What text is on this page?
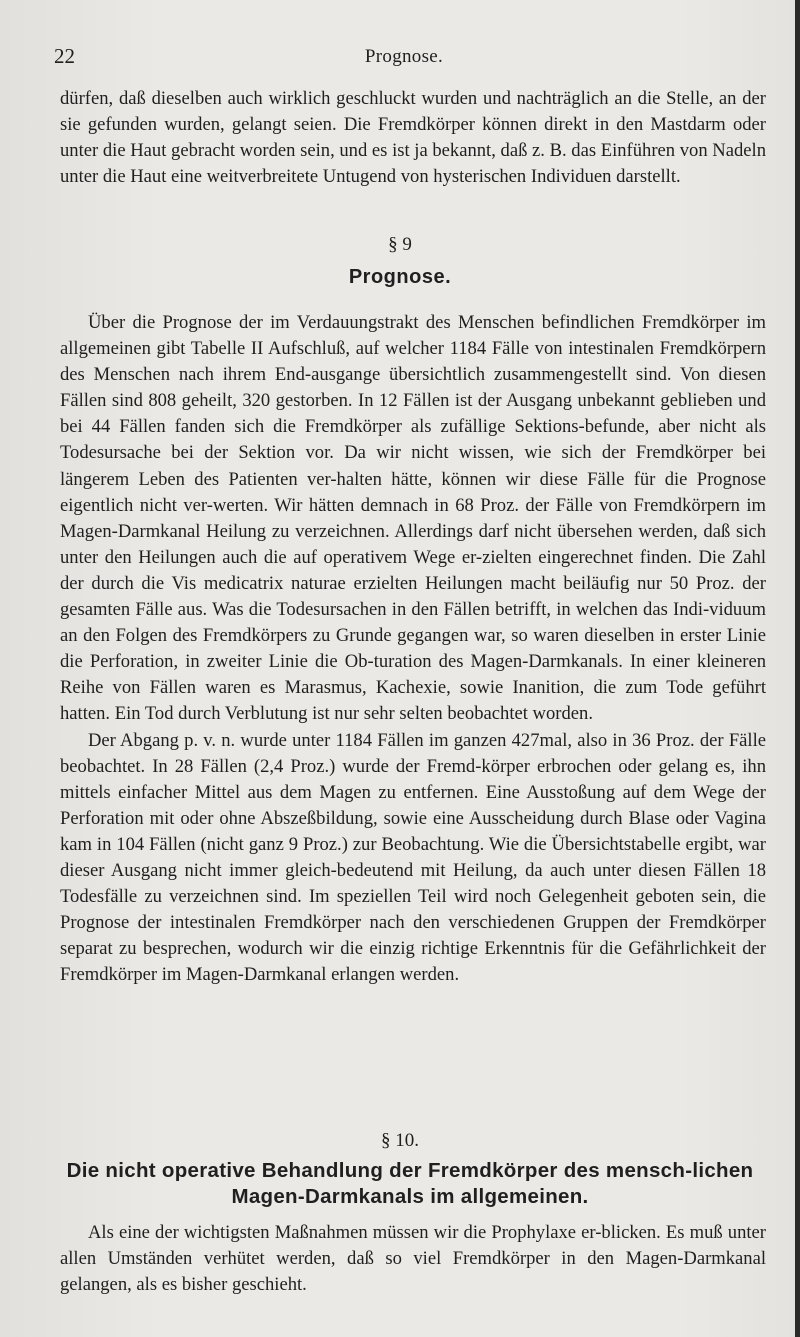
22	Prognose.

dürfen, daß dieselben auch wirklich geschluckt wurden und nachträglich an die Stelle, an der sie gefunden wurden, gelangt seien. Die Fremdkörper können direkt in den Mastdarm oder unter die Haut gebracht worden sein, und es ist ja bekannt, daß z. B. das Einführen von Nadeln unter die Haut eine weitverbreitete Untugend von hysterischen Individuen darstellt.

§ 9
Prognose.

Über die Prognose der im Verdauungstrakt des Menschen befindlichen Fremdkörper im allgemeinen gibt Tabelle II Aufschluß, auf welcher 1184 Fälle von intestinalen Fremdkörpern des Menschen nach ihrem End-ausgange übersichtlich zusammengestellt sind. Von diesen Fällen sind 808 geheilt, 320 gestorben. In 12 Fällen ist der Ausgang unbekannt geblieben und bei 44 Fällen fanden sich die Fremdkörper als zufällige Sektions-befunde, aber nicht als Todesursache bei der Sektion vor. Da wir nicht wissen, wie sich der Fremdkörper bei längerem Leben des Patienten ver-halten hätte, können wir diese Fälle für die Prognose eigentlich nicht ver-werten. Wir hätten demnach in 68 Proz. der Fälle von Fremdkörpern im Magen-Darmkanal Heilung zu verzeichnen. Allerdings darf nicht übersehen werden, daß sich unter den Heilungen auch die auf operativem Wege er-zielten eingerechnet finden. Die Zahl der durch die Vis medicatrix naturae erzielten Heilungen macht beiläufig nur 50 Proz. der gesamten Fälle aus. Was die Todesursachen in den Fällen betrifft, in welchen das Indi-viduum an den Folgen des Fremdkörpers zu Grunde gegangen war, so waren dieselben in erster Linie die Perforation, in zweiter Linie die Ob-turation des Magen-Darmkanals. In einer kleineren Reihe von Fällen waren es Marasmus, Kachexie, sowie Inanition, die zum Tode geführt hatten. Ein Tod durch Verblutung ist nur sehr selten beobachtet worden.

Der Abgang p. v. n. wurde unter 1184 Fällen im ganzen 427mal, also in 36 Proz. der Fälle beobachtet. In 28 Fällen (2,4 Proz.) wurde der Fremd-körper erbrochen oder gelang es, ihn mittels einfacher Mittel aus dem Magen zu entfernen. Eine Ausstoßung auf dem Wege der Perforation mit oder ohne Abszeßbildung, sowie eine Ausscheidung durch Blase oder Vagina kam in 104 Fällen (nicht ganz 9 Proz.) zur Beobachtung. Wie die Übersichtstabelle ergibt, war dieser Ausgang nicht immer gleich-bedeutend mit Heilung, da auch unter diesen Fällen 18 Todesfälle zu verzeichnen sind. Im speziellen Teil wird noch Gelegenheit geboten sein, die Prognose der intestinalen Fremdkörper nach den verschiedenen Gruppen der Fremdkörper separat zu besprechen, wodurch wir die einzig richtige Erkenntnis für die Gefährlichkeit der Fremdkörper im Magen-Darmkanal erlangen werden.

§ 10.
Die nicht operative Behandlung der Fremdkörper des mensch-lichen Magen-Darmkanals im allgemeinen.

Als eine der wichtigsten Maßnahmen müssen wir die Prophylaxe er-blicken. Es muß unter allen Umständen verhütet werden, daß so viel Fremdkörper in den Magen-Darmkanal gelangen, als es bisher geschieht.
